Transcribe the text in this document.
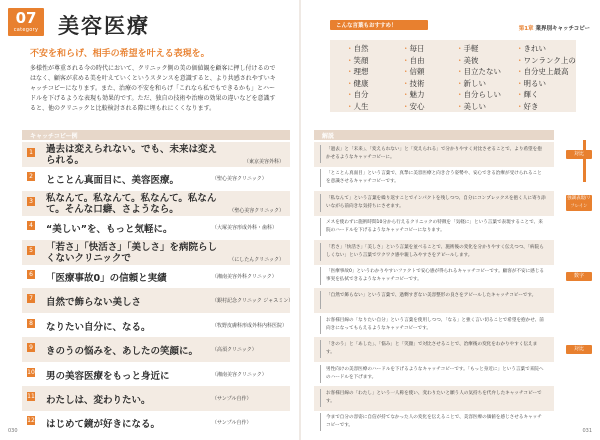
07
category 美容医療
不安を和らげ、相手の希望を叶える表現を。
多様性が尊重される今の時代において、クリニック側の美の価値観を顧客に押し付けるのではなく、顧客が求める美を叶えていくというスタンスを意識すると、より共感されやすいキャッチコピーになります。また、治療の不安を和らげ「これなら私でもできるかも」とハードルを下げるような表現も効果的です。ただ、独自の技術や治療の効果の違いなどを意識すると、他のクリニックと比較検討される際に埋もれにくくなります。
キャッチコピー例
1 過去は変えられない。でも、未来は変えられる。	（東京美容外科）
2 とことん真面目に、美容医療。	（聖心美容クリニック）
3 私なんて。私なんて。私なんて。私なんて。そんな口癖、さようなら。	（聖心美容クリニック）
4 “美しい”を、もっと気軽に。	（大塚美容形成外科・歯科）
5 「若さ」「快活さ」「美しさ」を病院らしくないクリニックで	（にしたんクリニック）
6 「医療事故0」の信頼と実績	（湘南美容外科クリニック）
7 自然で飾らない美しさ	（銀村記念クリニック ジャスミン）
8 なりたい自分に、なる。	（牧野皮膚科形成外科内科医院）
9 きのうの悩みを、あしたの笑顔に。	（高須クリニック）
10 男の美容医療をもっと身近に	（湘南美容クリニック）
11 わたしは、変わりたい。	（サンプル自作）
12 はじめて鏡が好きになる。	（サンプル自作）
030
第1章 業界別キャッチコピー
こんな言葉もおすすめ！
・ 自然	・ 毎日	・ 手軽	・ きれい
・ 笑顔	・ 自由	・ 美彼	・ ワンランク上の
・ 理想	・ 信頼	・ 目立たない	・ 自分史上最高
・ 健康	・ 技術	・ 新しい	・ 明るい
・ 自分	・ 魅力	・ 自分らしい	・ 輝く
・ 人生	・ 安心	・ 美しい	・ 好き
解説
「過去」と「未来」、「変えられない」と「変えられる」で分かりやすく対比させることで、より希望を抱かせるようなキャッチコピーに。
「とことん真面目」という言葉で、真摯に美容医療と向き合う姿勢や、安心できる治療が受けられることを意識させるキャッチコピーです。
「私なんて」という言葉を繰り返すことでインパクトを残しつつ、自分にコンプレックスを抱く人に寄り添いながら前向きな気持ちにさせます。
メスを使わずに施術時間10分から行えるクリニックの特徴を「気軽に」という言葉で表現することで、来院のハードルを下げるようなキャッチコピーになります。
「若さ」「快活さ」「美しさ」という言葉を並べることで、施術後の変化を分かりやすく伝えつつ、「病院らしくない」という言葉でワクワク感や親しみやすさをアピールします。
「医療事故0」というわかりやすいファクトで安心感が得られるキャッチコピーです。顧客が不安に感じる事実を払拭できるようなキャッチコピーです。
「自然で飾らない」という言葉で、過剰すぎない美容整形の良さをアピールしたキャッチコピーです。
お客様目線の「なりたい自分」という言葉を使用しつつ、「なる」と強く言い切ることで希望を抱かせ、前向きになってもらえるようなキャッチコピーです。
「きのう」と「あした」、「悩み」と「笑顔」で対比させることで、治療後の変化をわかりやすく伝えます。
男性向けの美容医療のハードルを下げるようなキャッチコピーです。「もっと身近に」という言葉で来院へのハードルを下げます。
お客様目線の「わたし」という一人称を使い、変わりたいと願う人の気持ちを代弁したキャッチコピーです。
今まで自分の容姿に自信が持てなかった人の変化を伝えることで、美容医療の価値を感じさせるキャッチコピーです。
031
対比
強調表現/リフレイン
数字
対比
